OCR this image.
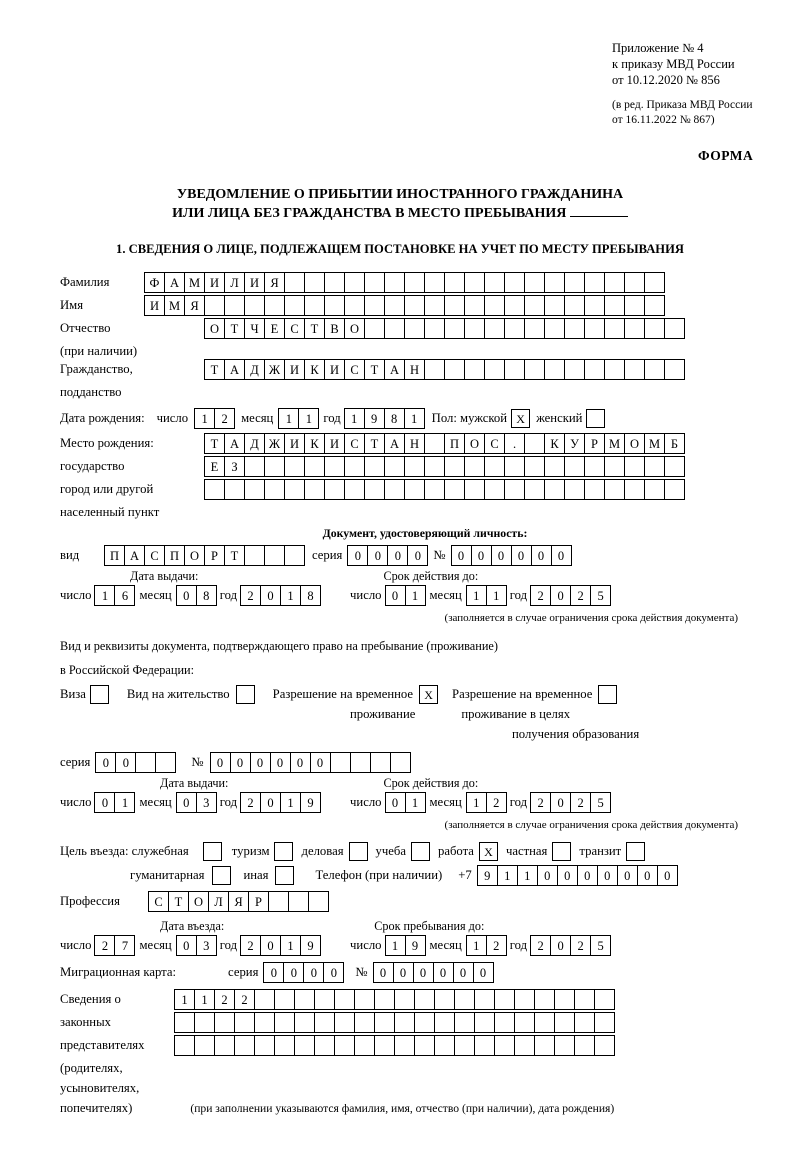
Приложение № 4
к приказу МВД России
от 10.12.2020 № 856
(в ред. Приказа МВД России
от 16.11.2022 № 867)
ФОРМА
УВЕДОМЛЕНИЕ О ПРИБЫТИИ ИНОСТРАННОГО ГРАЖДАНИНА
ИЛИ ЛИЦА БЕЗ ГРАЖДАНСТВА В МЕСТО ПРЕБЫВАНИЯ
1. СВЕДЕНИЯ О ЛИЦЕ, ПОДЛЕЖАЩЕМ ПОСТАНОВКЕ НА УЧЕТ ПО МЕСТУ ПРЕБЫВАНИЯ
Фамилия	Ф А М И Л И Я
Имя	И М Я
Отчество	О Т Ч Е С Т В О
(при наличии)
Гражданство,	Т А Д Ж И К И С Т А Н
подданство
Дата рождения: число	1	2	месяц 1	1 год 1	9	8	1	Пол: мужской X женский
Место рождения:	Т А Д Ж И К И С Т А Н	П О С	.	К У Р М О М Б
государство	Е	З
город или другой
населенный пункт
Документ, удостоверяющий личность:
вид	П А С П О Р	Т	серия 0	0	0	0 № 0	0	0	0	0	0
Дата выдачи:	Срок действия до:
число 1	6 месяц 0	8 год 2	0	1	8	число 0	1 месяц 1	1 год 2	0	2	5
(заполняется в случае ограничения срока действия документа)
Вид и реквизиты документа, подтверждающего право на пребывание (проживание)
в Российской Федерации:
Виза	Вид на жительство	Разрешение на временное X	Разрешение на временное
проживание	проживание в целях
получения образования
серия 0	0	№	0	0	0	0	0	0
Дата выдачи:	Срок действия до:
число 0	1 месяц 0	3 год 2	0	1	9	число 0	1 месяц 1	2 год 2	0	2	5
(заполняется в случае ограничения срока действия документа)
Цель въезда: служебная	туризм	деловая	учеба	работа X	частная	транзит
гуманитарная	иная	Телефон (при наличии) +7 9	1	1	0	0	0	0	0	0	0
Профессия	С Т О Л Я Р
Дата въезда:	Срок пребывания до:
число 2	7 месяц 0	3 год 2	0	1	9	число 1	9 месяц 1	2 год 2	0	2	5
Миграционная карта:	серия 0	0	0	0	№ 0	0	0	0	0	0
Сведения о	1	1	2	2
законных
представителях
(родителях,
усыновителях,
попечителях)	(при заполнении указываются фамилия, имя, отчество (при наличии), дата рождения)
